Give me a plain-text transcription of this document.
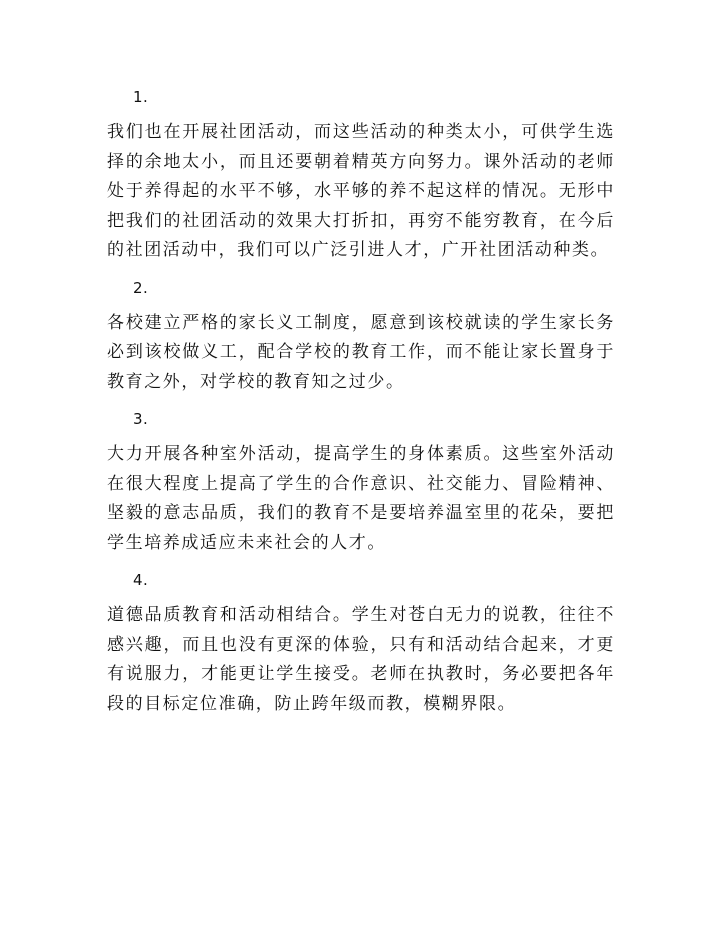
1.

我们也在开展社团活动，而这些活动的种类太小，可供学生选择的余地太小，而且还要朝着精英方向努力。课外活动的老师处于养得起的水平不够，水平够的养不起这样的情况。无形中把我们的社团活动的效果大打折扣，再穷不能穷教育，在今后的社团活动中，我们可以广泛引进人才，广开社团活动种类。

2.

各校建立严格的家长义工制度，愿意到该校就读的学生家长务必到该校做义工，配合学校的教育工作，而不能让家长置身于教育之外，对学校的教育知之过少。

3.

大力开展各种室外活动，提高学生的身体素质。这些室外活动在很大程度上提高了学生的合作意识、社交能力、冒险精神、坚毅的意志品质，我们的教育不是要培养温室里的花朵，要把学生培养成适应未来社会的人才。

4.

道德品质教育和活动相结合。学生对苍白无力的说教，往往不感兴趣，而且也没有更深的体验，只有和活动结合起来，才更有说服力，才能更让学生接受。老师在执教时，务必要把各年段的目标定位准确，防止跨年级而教，模糊界限。
